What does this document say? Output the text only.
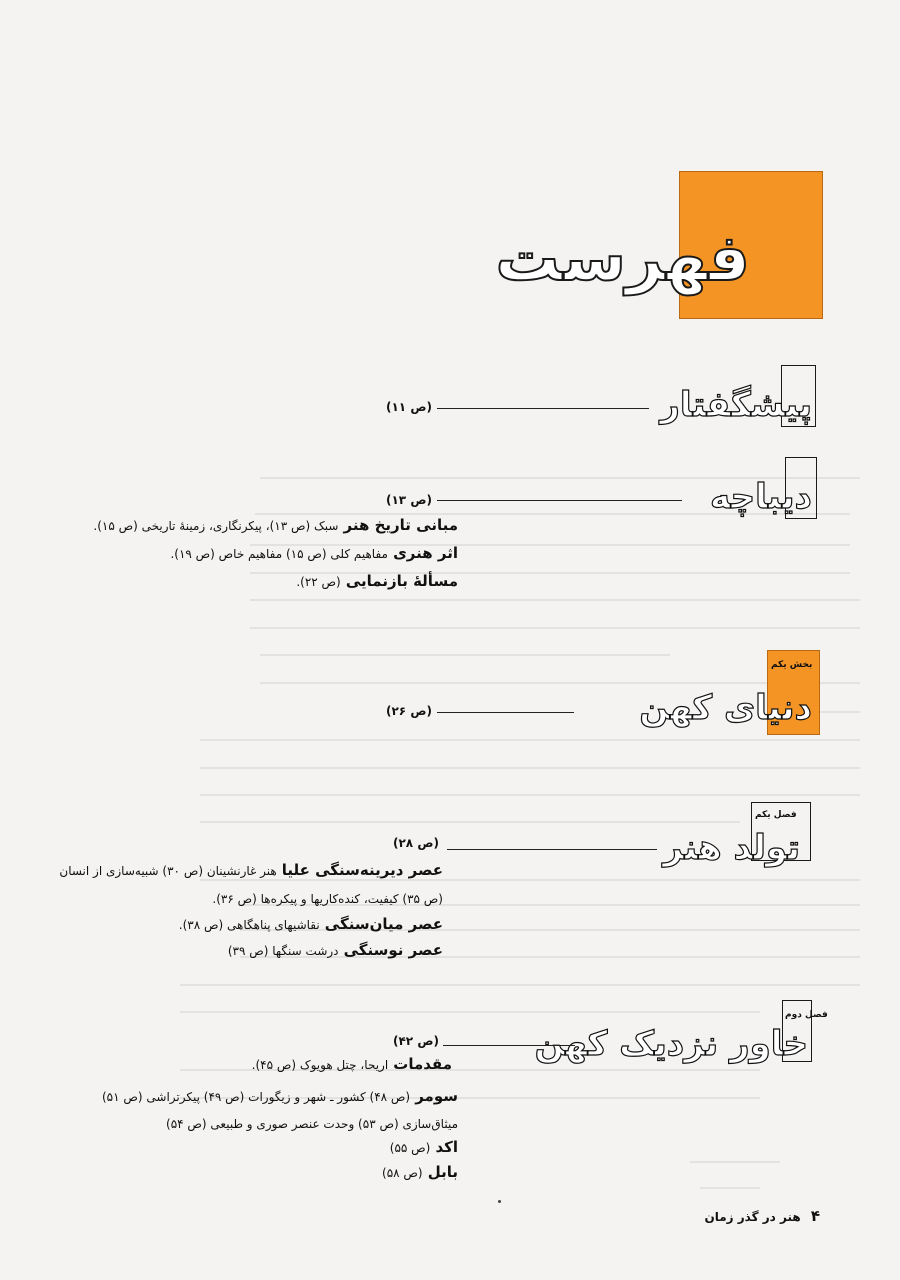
فهرست
پیشگفتار
(ص ۱۱)
دیباچه
(ص ۱۳)
مبانی تاریخ هنر سبک (ص ۱۳)، پیکرنگاری، زمینهٔ تاریخی (ص ۱۵).
اثر هنری مفاهیم کلی (ص ۱۵) مفاهیم خاص (ص ۱۹).
مسألهٔ بازنمایی (ص ۲۲).
بخش یکم
دنیای کهن
(ص ۲۶)
فصل یکم
تولد هنر
(ص ۲۸)
عصر دیرینه‌سنگی علیا هنر غارنشینان (ص ۳۰) شبیه‌سازی از انسان
(ص ۳۵) کیفیت، کنده‌کاریها و پیکره‌ها (ص ۳۶).
عصر میان‌سنگی نقاشیهای پناهگاهی (ص ۳۸).
عصر نوسنگی درشت سنگها (ص ۳۹)
فصل دوم
خاور نزدیک کهن
(ص ۴۲)
مقدمات اریحا، چتل هویوک (ص ۴۵).
سومر (ص ۴۸) کشور ـ شهر و زیگورات (ص ۴۹) پیکرتراشی (ص ۵۱)
میثاق‌سازی (ص ۵۳) وحدت عنصر صوری و طبیعی (ص ۵۴)
اکد (ص ۵۵)
بابل (ص ۵۸)
۴ هنر در گذر زمان
